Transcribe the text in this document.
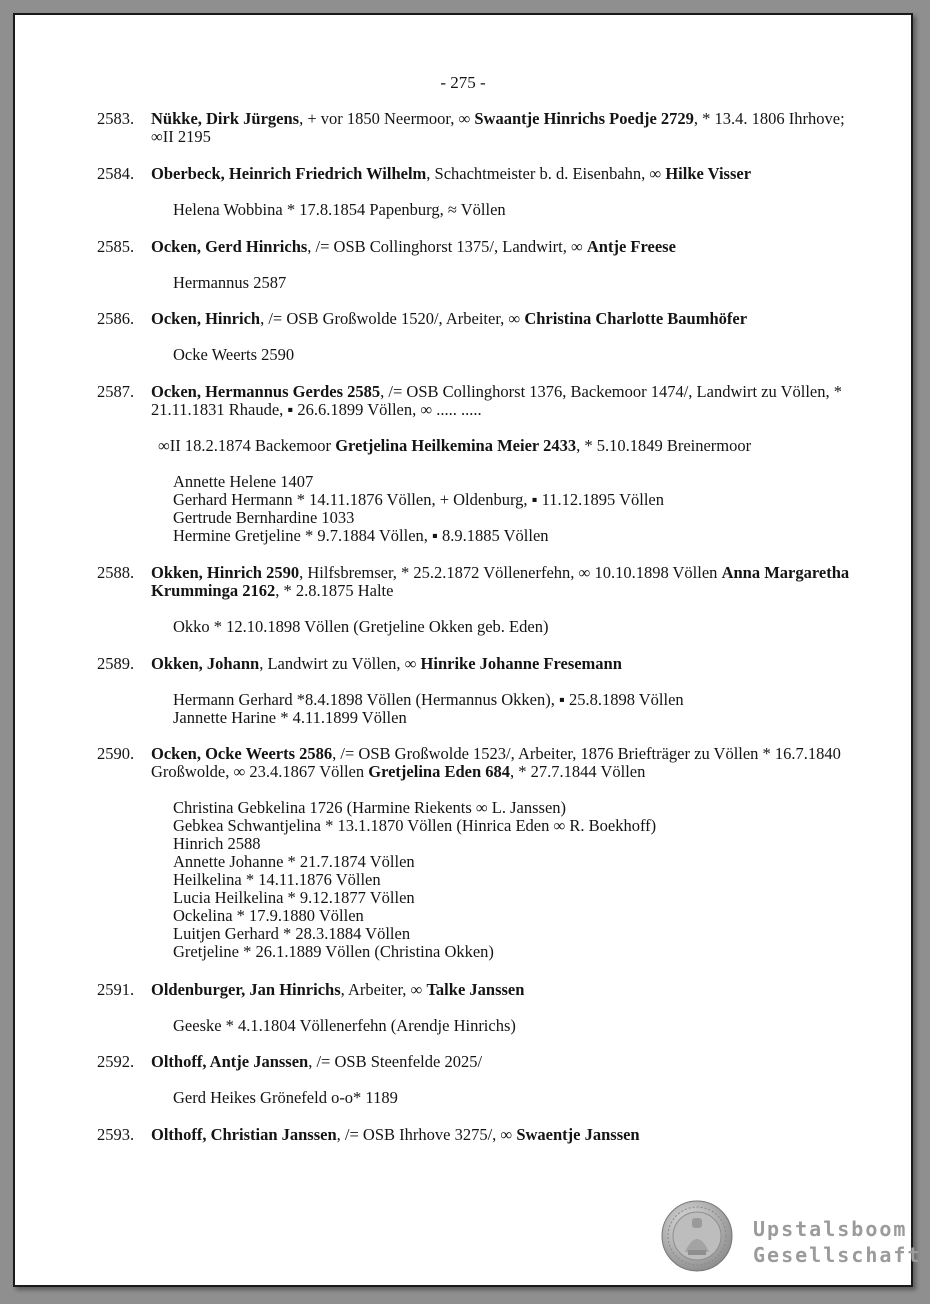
- 275 -
2583. Nükke, Dirk Jürgens, + vor 1850 Neermoor, ∞ Swaantje Hinrichs Poedje 2729, * 13.4. 1806 Ihrhove; ∞II 2195
2584. Oberbeck, Heinrich Friedrich Wilhelm, Schachtmeister b. d. Eisenbahn, ∞ Hilke Visser
Helena Wobbina * 17.8.1854 Papenburg, ≈ Völlen
2585. Ocken, Gerd Hinrichs, /= OSB Collinghorst 1375/, Landwirt, ∞ Antje Freese
Hermannus 2587
2586. Ocken, Hinrich, /= OSB Großwolde 1520/, Arbeiter, ∞ Christina Charlotte Baumhöfer
Ocke Weerts 2590
2587. Ocken, Hermannus Gerdes 2585, /= OSB Collinghorst 1376, Backemoor 1474/, Landwirt zu Völlen, * 21.11.1831 Rhaude, ▪ 26.6.1899 Völlen, ∞ ..... .....
∞II 18.2.1874 Backemoor Gretjelina Heilkemina Meier 2433, * 5.10.1849 Breinermoor
Annette Helene 1407
Gerhard Hermann * 14.11.1876 Völlen, + Oldenburg, ▪ 11.12.1895 Völlen
Gertrude Bernhardine 1033
Hermine Gretjeline * 9.7.1884 Völlen, ▪ 8.9.1885 Völlen
2588. Okken, Hinrich 2590, Hilfsbremser, * 25.2.1872 Völlenerfehn, ∞ 10.10.1898 Völlen Anna Margaretha Krumminga 2162, * 2.8.1875 Halte
Okko * 12.10.1898 Völlen (Gretjeline Okken geb. Eden)
2589. Okken, Johann, Landwirt zu Völlen, ∞ Hinrike Johanne Fresemann
Hermann Gerhard *8.4.1898 Völlen (Hermannus Okken), ▪ 25.8.1898 Völlen
Jannette Harine * 4.11.1899 Völlen
2590. Ocken, Ocke Weerts 2586, /= OSB Großwolde 1523/, Arbeiter, 1876 Briefträger zu Völlen * 16.7.1840 Großwolde, ∞ 23.4.1867 Völlen Gretjelina Eden 684, * 27.7.1844 Völlen
Christina Gebkelina 1726 (Harmine Riekents ∞ L. Janssen)
Gebkea Schwantjelina * 13.1.1870 Völlen (Hinrica Eden ∞ R. Boekhoff)
Hinrich 2588
Annette Johanne * 21.7.1874 Völlen
Heilkelina * 14.11.1876 Völlen
Lucia Heilkelina * 9.12.1877 Völlen
Ockelina * 17.9.1880 Völlen
Luitjen Gerhard * 28.3.1884 Völlen
Gretjeline * 26.1.1889 Völlen (Christina Okken)
2591. Oldenburger, Jan Hinrichs, Arbeiter, ∞ Talke Janssen
Geeske * 4.1.1804 Völlenerfehn (Arendje Hinrichs)
2592. Olthoff, Antje Janssen, /= OSB Steenfelde 2025/
Gerd Heikes Grönefeld o-o* 1189
2593. Olthoff, Christian Janssen, /= OSB Ihrhove 3275/, ∞ Swaentje Janssen
Upstalsboom
Gesellschaft
